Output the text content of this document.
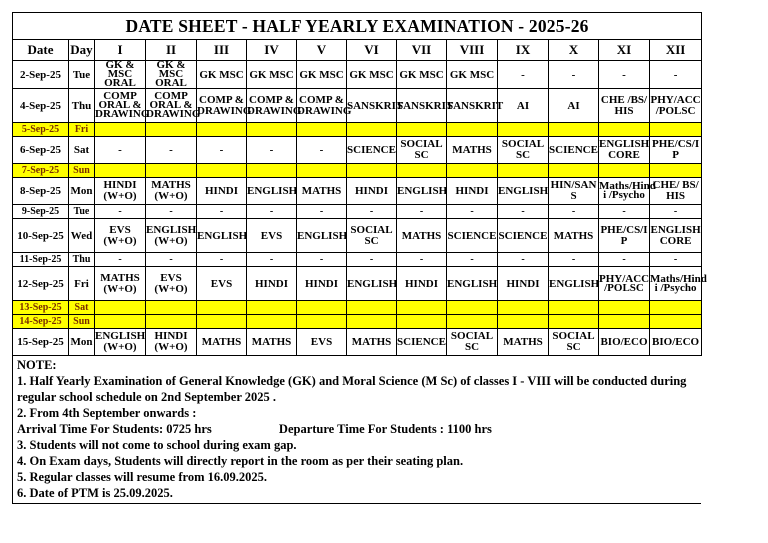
DATE SHEET - HALF YEARLY EXAMINATION - 2025-26													
Date	Day	I	II	III	IV	V	VI	VII	VIII	IX	X	XI	XII
2-Sep-25	Tue	GK & MSC ORAL	GK & MSC ORAL	GK MSC	GK MSC	GK MSC	GK MSC	GK MSC	GK MSC	-	-	-	-
4-Sep-25	Thu	COMP ORAL & DRAWING	COMP ORAL & DRAWING	COMP & DRAWING	COMP & DRAWING	COMP & DRAWING	SANSKRIT	SANSKRIT	SANSKRIT	AI	AI	CHE /BS/ HIS	PHY/ACC /POLSC
5-Sep-25	Fri												
6-Sep-25	Sat	-	-	-	-	-	SCIENCE	SOCIAL SC	MATHS	SOCIAL SC	SCIENCE	ENGLISH CORE	PHE/CS/I P
7-Sep-25	Sun												
8-Sep-25	Mon	HINDI (W+O)	MATHS (W+O)	HINDI	ENGLISH	MATHS	HINDI	ENGLISH	HINDI	ENGLISH	HIN/SAN S	Maths/Hind i /Psycho	CHE/ BS/ HIS
9-Sep-25	Tue	-	-	-	-	-	-	-	-	-	-	-	-
10-Sep-25	Wed	EVS (W+O)	ENGLISH (W+O)	ENGLISH	EVS	ENGLISH	SOCIAL SC	MATHS	SCIENCE	SCIENCE	MATHS	PHE/CS/I P	ENGLISH CORE
11-Sep-25	Thu	-	-	-	-	-	-	-	-	-	-	-	-
12-Sep-25	Fri	MATHS (W+O)	EVS (W+O)	EVS	HINDI	HINDI	ENGLISH	HINDI	ENGLISH	HINDI	ENGLISH	PHY/ACC /POLSC	Maths/Hind i /Psycho
13-Sep-25	Sat												
14-Sep-25	Sun												
15-Sep-25	Mon	ENGLISH (W+O)	HINDI (W+O)	MATHS	MATHS	EVS	MATHS	SCIENCE	SOCIAL SC	MATHS	SOCIAL SC	BIO/ECO	BIO/ECO

NOTE:

1. Half Yearly Examination of General Knowledge (GK) and Moral Science (M Sc) of classes I - VIII will be conducted during regular school schedule on 2nd September 2025 .

2. From 4th September onwards :

Arrival Time For Students: 0725 hrs	Departure Time For Students : 1100 hrs

3. Students will not come to school during exam gap.

4. On Exam days, Students will directly report in the room as per their seating plan.

5. Regular classes will resume from 16.09.2025.

6. Date of PTM is 25.09.2025.
